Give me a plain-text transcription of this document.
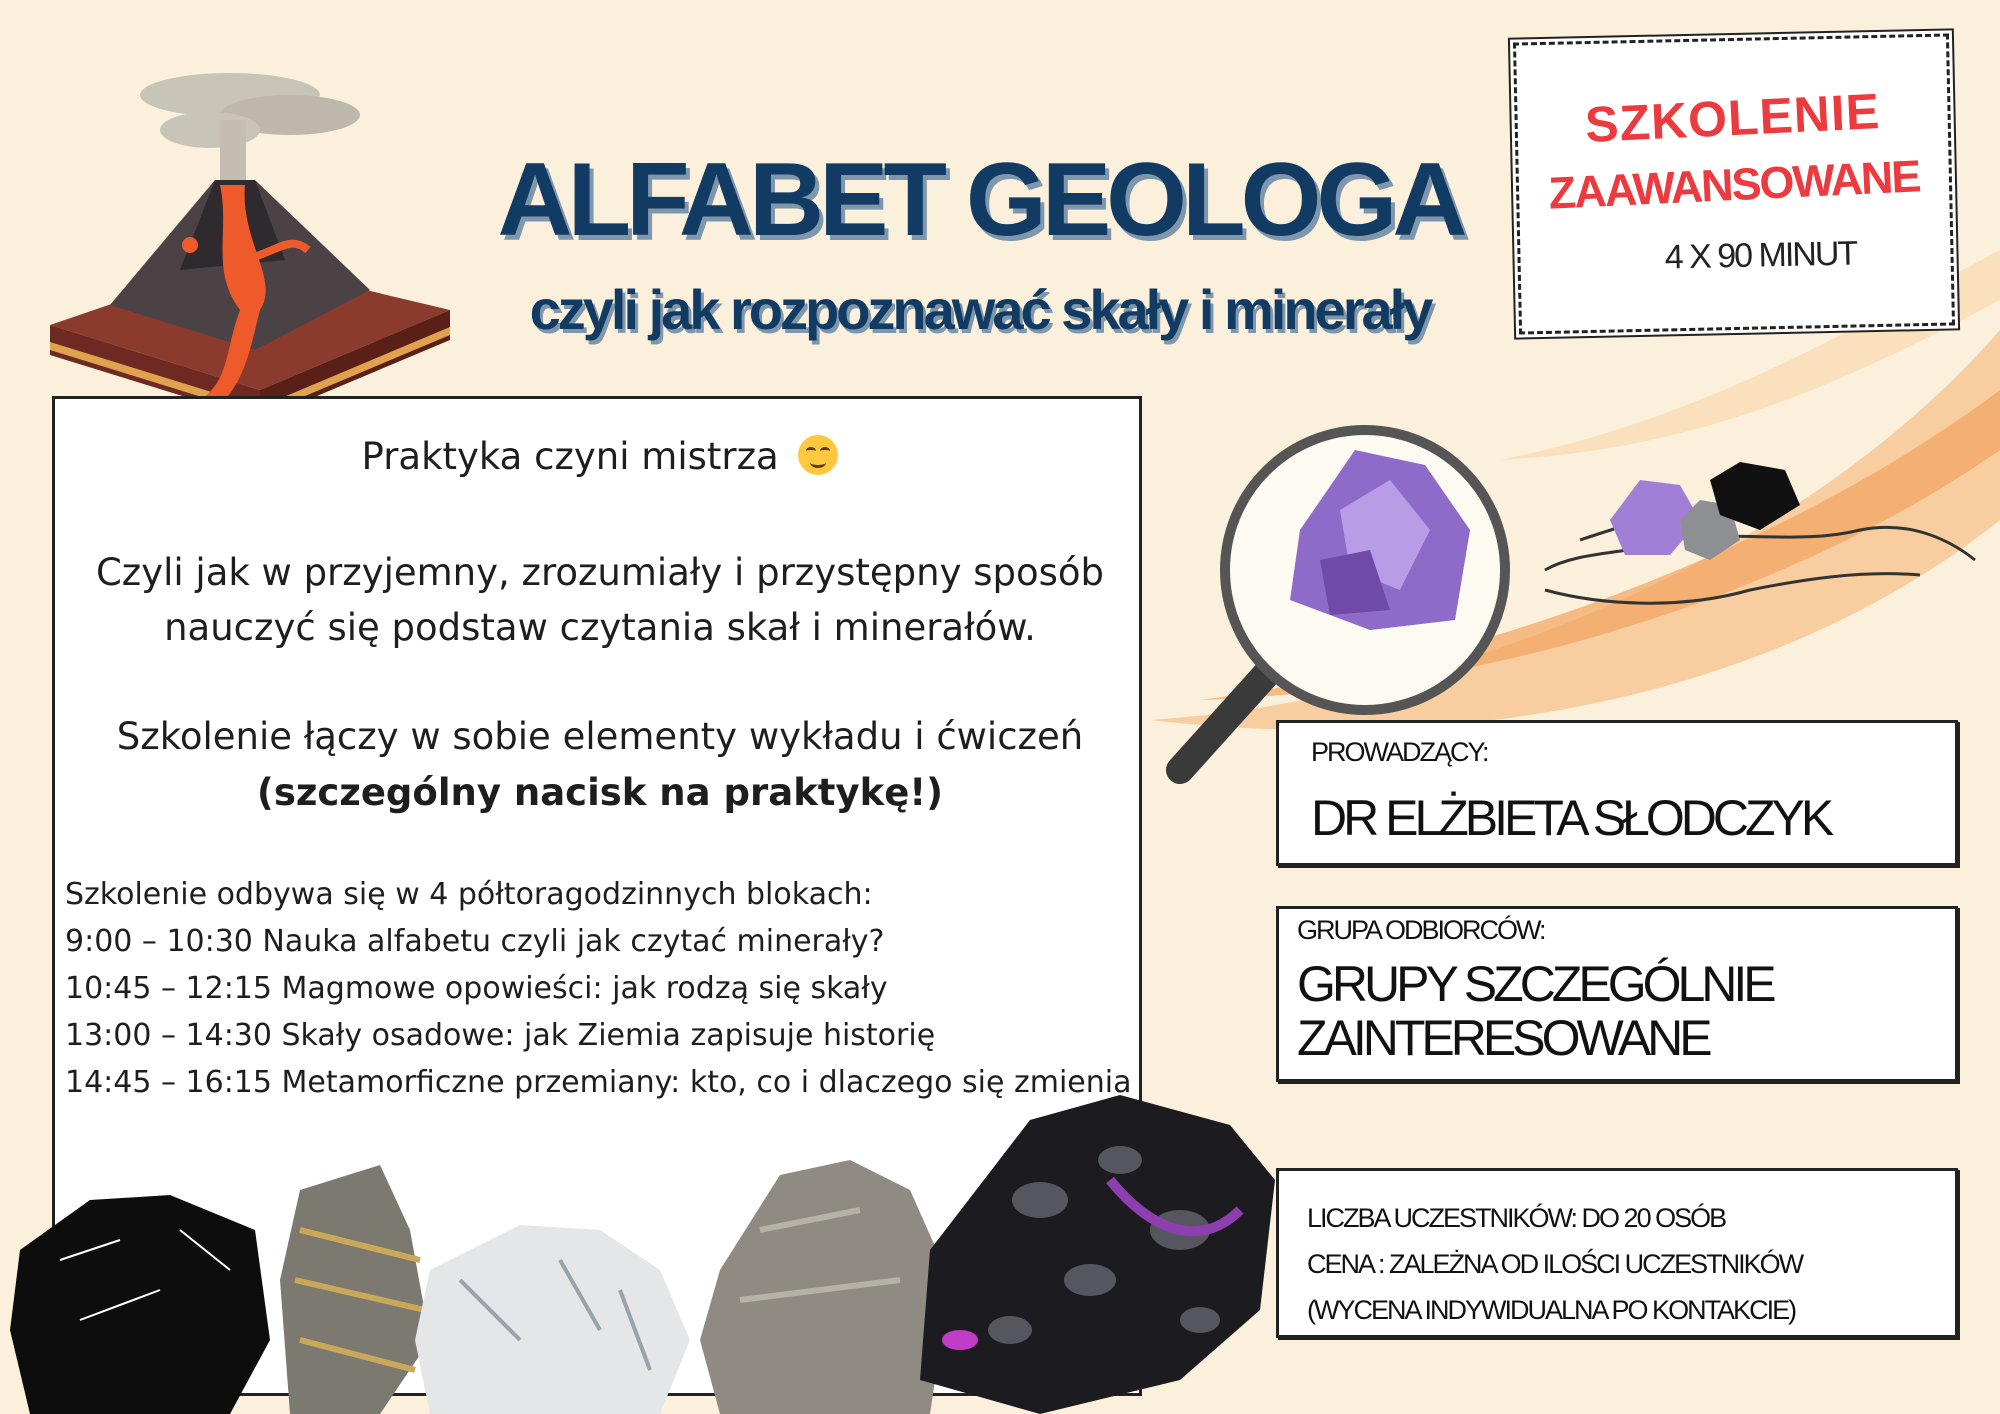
ALFABET GEOLOGA
czyli jak rozpoznawać skały i minerały
SZKOLENIE
ZAAWANSOWANE
4 X 90 MINUT
Praktyka czyni mistrza
Czyli jak w przyjemny, zrozumiały i przystępny sposób
nauczyć się podstaw czytania skał i minerałów.
Szkolenie łączy w sobie elementy wykładu i ćwiczeń
(szczególny nacisk na praktykę!)
Szkolenie odbywa się w 4 półtoragodzinnych blokach:
9:00 – 10:30 Nauka alfabetu czyli jak czytać minerały?
10:45 – 12:15 Magmowe opowieści: jak rodzą się skały
13:00 – 14:30 Skały osadowe: jak Ziemia zapisuje historię
14:45 – 16:15 Metamorficzne przemiany: kto, co i dlaczego się zmienia
PROWADZĄCY:
DR ELŻBIETA SŁODCZYK
GRUPA ODBIORCÓW:
GRUPY SZCZEGÓLNIE
ZAINTERESOWANE
LICZBA UCZESTNIKÓW: DO 20 OSÓB
CENA : ZALEŻNA OD ILOŚCI UCZESTNIKÓW
(WYCENA INDYWIDUALNA PO KONTAKCIE)
